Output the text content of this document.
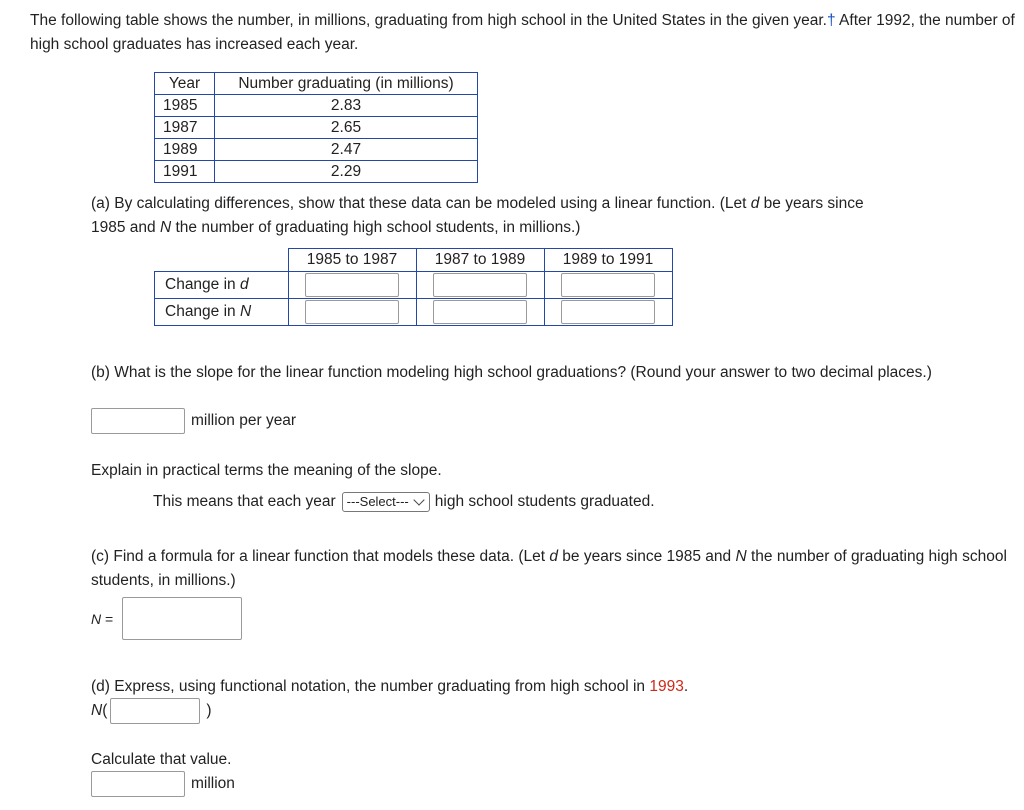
The following table shows the number, in millions, graduating from high school in the United States in the given year.† After 1992, the number of high school graduates has increased each year.
Year	Number graduating (in millions)
1985	2.83
1987	2.65
1989	2.47
1991	2.29
(a) By calculating differences, show that these data can be modeled using a linear function. (Let d be years since
1985 and N the number of graduating high school students, in millions.)
	1985 to 1987	1987 to 1989	1989 to 1991
Change in d			
Change in N			
(b) What is the slope for the linear function modeling high school graduations? (Round your answer to two decimal places.)
million per year
Explain in practical terms the meaning of the slope.
This means that each year ---Select--- high school students graduated.
(c) Find a formula for a linear function that models these data. (Let d be years since 1985 and N the number of graduating high school students, in millions.)
N =
(d) Express, using functional notation, the number graduating from high school in 1993.
N (	)
Calculate that value.
million
